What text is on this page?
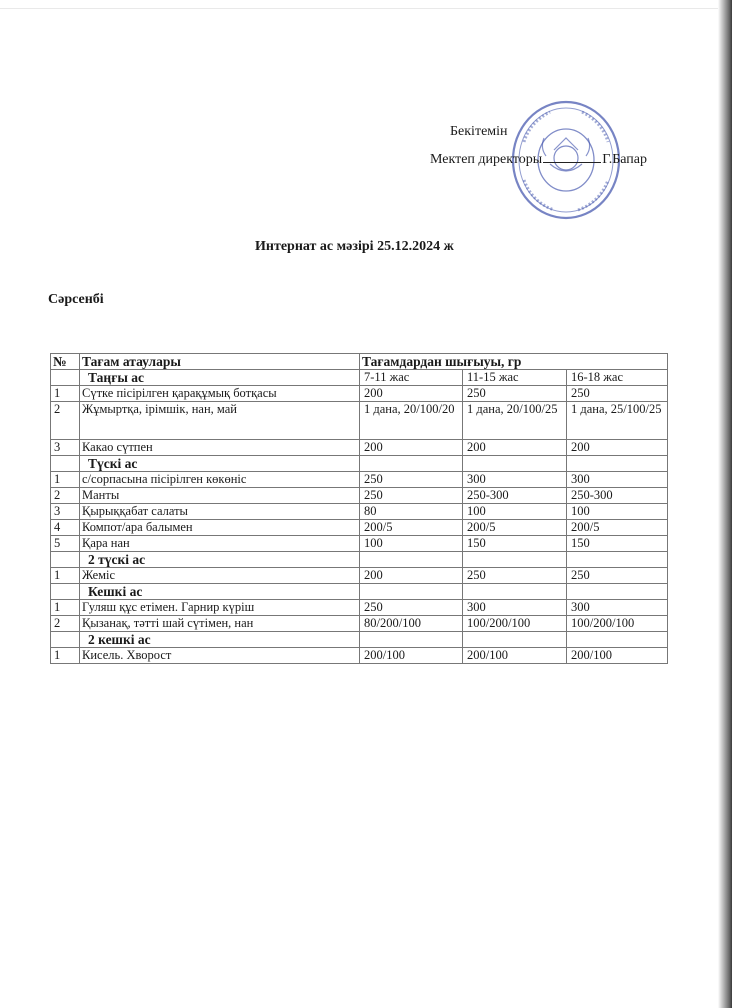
Бекітемін
Мектеп директоры	Г.Бапар
Интернат ас мәзірі 25.12.2024 ж
Сәрсенбі
№	Тағам атаулары	Тағамдардан шығыуы, гр		
	Таңғы ас	7-11 жас	11-15 жас	16-18 жас
1	Сүтке пісірілген қарақұмық ботқасы	200	250	250
2	Жұмыртқа, ірімшік, нан, май	1 дана, 20/100/20	1 дана, 20/100/25	1 дана, 25/100/25
3	Какао сүтпен	200	200	200
	Түскі ас			
1	с/сорпасына пісірілген көкөніс	250	300	300
2	Манты	250	250-300	250-300
3	Қырыққабат салаты	80	100	100
4	Компот/ара балымен	200/5	200/5	200/5
5	Қара нан	100	150	150
	2 түскі ас			
1	Жеміс	200	250	250
	Кешкі ас			
1	Гуляш құс етімен. Гарнир күріш	250	300	300
2	Қызанақ, тәтті шай сүтімен, нан	80/200/100	100/200/100	100/200/100
	2 кешкі ас			
1	Кисель. Хворост	200/100	200/100	200/100
